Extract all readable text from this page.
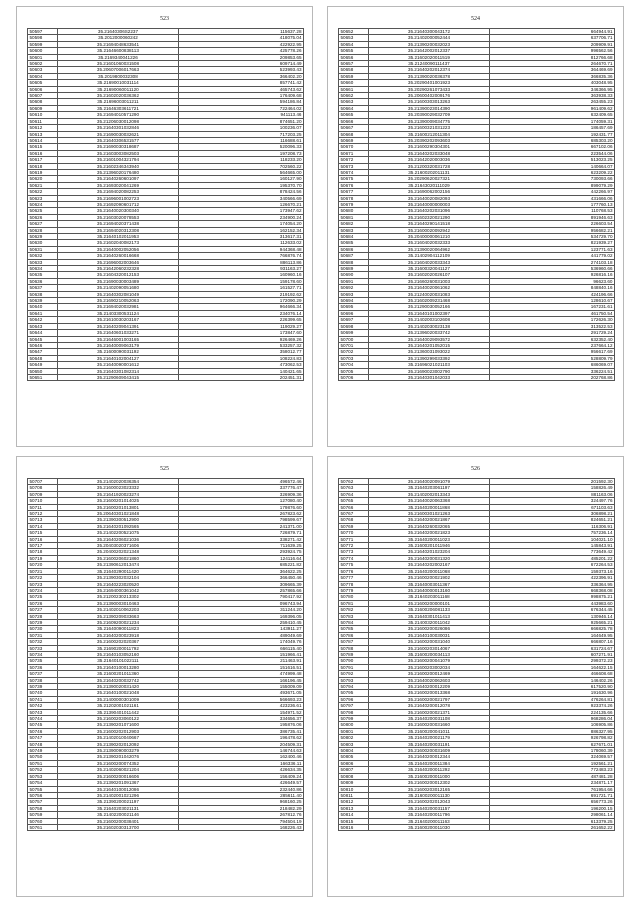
523
50597	35.21640306S2237	115637.28
50598	35.2012000060242	418075.04
50599	35.21694048633541	422922.95
50600	35.21646600838113	425778.26
50601	35.2169340041226	209853.65
50602	35.21601060031508	609714.49
50603	35.20607006017663	523993.43
50604	35.2019800032308	366402.20
50605	35.21690010031114	857741.42
50606	35.21690060011120	465743.62
50607	35.21602020036362	176409.68
50608	35.21696003011211	594186.84
50609	35.21646303611721	722464.02
50610	35.21694010571290	941113.46
50611	35.21206030012098	874651.20
50612	35.21640301032846	100236.07
50613	35.21690030032621	717203.25
50614	35.21640306531577	116688.61
50615	35.21690030318687	520096.33
50616	35.21603003082503	197208.73
50617	35.21601004321794	118233.20
50618	35.21602346343940	702560.22
50619	35.21396020176480	564665.00
50620	35.21640260601097	160127.90
50621	35.21693020041269	195370.70
50622	35.21694020082253	878424.56
50623	35.21696001002723	340566.69
50624	35.21692090601712	126670.21
50625	35.21640020300340	173947.62
50626	35.21603020078553	234900.24
50627	35.21694020371438	174054.20
50628	35.21694020312308	162152.34
50629	35.21640102011953	313617.31
50630	35.21602040082173	112633.02
50631	35.21640002052056	944368.48
50632	35.21640260016668	766876.74
50633	35.21696002003646	886113.86
50634	35.21642060232328	931163.27
50635	35.21604320012153	160960.16
50636	35.21690030003489	159178.60
50637	35.21402090051680	161527.71
50638	35.21640302081049	219192.62
50639	35.21690210052063	172090.29
50640	35.21694020032981	964666.34
50641	35.21403300531124	234076.14
50642	35.21610030203167	226399.65
50643	35.21640209041391	119029.27
50644	35.21640601033271	173847.60
50645	35.21646001003165	926469.26
50646	35.21640009063179	533257.32
50647	35.21600090031192	358012.77
50648	35.21640102004127	108224.83
50649	35.21640090001612	473062.53
50650	35.21640301082314	140421.65
50651	35.21290609043415	202451.31
524
50652	35.21640300043172	664944.91
50653	35.21402000052444	637706.71
50654	35.21390200032023	209909.91
50655	35.21642002012337	996562.56
50656	35.21602020011519	812766.68
50657	35.21240090111437	264670.71
50658	35.21640202012374	364469.69
50659	35.21390020036378	366835.36
50660	35.20290401001923	403048.95
50661	35.20290261073433	346366.95
50662	35.20600402009176	363938.33
50663	35.21600303013263	263455.23
50664	35.21390023014390	961409.62
50665	35.20390029032709	632409.65
50666	35.21390009034775	174059.31
50667	35.21600321031223	186457.69
50668	35.21600212011304	192431.77
50669	35.20390202093603	685303.20
50670	35.21600290304301	667102.06
50671	35.21640202033048	223544.06
50672	35.21642020003036	513023.25
50673	35.21200320031728	140664.07
50674	35.21600202011131	623209.22
50675	35.20290620027321	730093.66
50676	35.21643020111029	899079.29
50677	35.21690062002156	442266.97
50678	35.21640020082093	431666.06
50679	35.21640000000003	177760.13
50680	35.21640202031096	110768.53
50681	35.21602320021290	891946.63
50682	35.21640290141518	226603.54
50683	35.21600020092942	956682.21
50684	35.20400000061210	534729.70
50685	35.21604020032333	821939.27
50686	35.21390020064962	123771.63
50687	35.21402904112109	441779.02
50688	35.21604020033343	274103.18
50689	35.21600320041127	536960.66
50690	35.21602020026107	926816.16
50691	35.21660260031003	96623.60
50692	35.21640020061062	848840.16
50693	35.21240020031083	424196.66
50694	35.21602009231468	128610.67
50695	35.21290030052166	167231.61
50696	35.21640101002397	461750.54
50697	35.21402003102608	172626.30
50698	35.21402030023138	313522.53
50699	35.21396020033742	291729.24
50700	35.21640029093572	632352.40
50701	35.21640201052015	237664.12
50702	35.21360031093022	956617.69
50703	35.21390299033392	528809.79
50704	35.21696021021103	686069.07
50705	35.21690023002790	336224.51
50706	35.21640301042033	202768.86
525
50707	35.21402020036354	496572.46
50708	35.21600023023332	337776.47
50709	35.21641920023274	326909.36
50710	35.21600201014025	127080.40
50711	35.21600201013801	179876.60
50712	35.20640301021848	267823.62
50713	35.21390300512900	798599.67
50714	35.21640201092565	241371.00
50715	35.21402200521075	726879.71
50716	35.21640206021036	338271.42
50717	35.20403020371606	711639.25
50718	35.20400202021348	293924.75
50719	35.21600206021860	124116.64
50720	35.21390612013474	685221.82
50721	35.21640290011420	364622.25
50722	35.21390302032104	366450.46
50723	35.21640223020520	309665.39
50724	35.21694000361042	257865.66
50725	35.21200230213302	790417.92
50726	35.21390003010463	096743.94
50727	35.21402010062203	311244.20
50728	35.21390209033663	169396.05
50729	35.21609200021234	259410.45
50730	35.21640090011823	143911.27
50731	35.21640200023918	489049.69
50732	35.21600202020367	174049.76
50733	35.21690200011792	666115.40
50734	35.21640103052160	151966.41
50735	35.21640101022111	211463.91
50736	35.21640100013280	151616.51
50737	35.21600201011360	474999.48
50738	35.21640200032742	166196.45
50739	35.21390020031420	155009.09
50740	35.21640100021048	493671.05
50741	35.21400000301009	566693.23
50742	35.21202001021161	423236.61
50743	35.21390401011442	154971.52
50744	35.21600203060122	334656.37
50745	35.21390201071600	195876.06
50746	35.21600202012903	386735.41
50747	35.21402010040667	196478.62
50748	35.21390202012092	204509.31
50749	35.21390090003279	146744.63
50750	35.21390201042076	162400.46
50751	35.21600200074352	166336.11
50752	35.21402060021204	426634.35
50753	35.21600200016606	156409.24
50754	35.21390201091367	426649.57
50755	35.21640100012086	232440.86
50756	35.21402001021296	285611.40
50757	35.21390200021197	968160.25
50758	35.21640203021131	218482.29
50759	35.21402200021146	267812.76
50760	35.21600200038401	794504.19
50761	35.21602030313700	168226.43
526
50762	35.21640020091079	201592.30
50763	35.21640203061197	158826.49
50764	35.21402002013343	881163.06
50765	35.21640020063368	324497.76
50766	35.21640200011868	671103.63
50767	35.21600301021263	306898.21
50768	35.21640200021867	824651.21
50769	35.21640260032065	116306.91
50770	35.21640200021823	757236.14
50771	35.21640200011023	104021.10
50772	35.21600201011946	145843.91
50773	35.21640201023204	773649.42
50774	35.21640200031320	485201.22
50775	35.21640202002167	672264.53
50776	35.21640200011068	159373.16
50777	35.21600200021902	422396.91
50778	35.21640003011367	336364.95
50779	35.21640000013160	668368.08
50780	35.21640203011168	998875.21
50781	35.21600200000101	443983.60
50782	35.21600206081133	676344.45
50783	35.21640301011413	130946.14
50784	35.21400320011042	925665.21
50785	35.21600200026086	666825.78
50786	35.21640100030031	164649.95
50787	35.21600200031040	666807.16
50788	35.21600203014067	631724.67
50789	35.21600200034113	607271.91
50790	35.21600200041079	299372.23
50791	35.21600203002034	164622.15
50792	35.21600200012469	466608.68
50793	35.21640020062603	146402.26
50794	35.21640200012209	617520.90
50795	35.21600200013368	191630.96
50796	35.21600200021797	476264.81
50797	35.21640200012078	923374.26
50798	35.21600200021371	224135.66
50799	35.21640200031108	968286.04
50800	35.21600200031660	106905.86
50801	35.21600200041011	886327.95
50802	35.21640200021179	926798.82
50803	35.21640200031191	627671.01
50804	35.21600200031609	178060.39
50805	35.21640200012344	324069.57
50806	35.21640200011384	192561.21
50807	35.21640200011292	772483.23
50808	35.21600200011000	487481.28
50809	35.21600200012302	234871.17
50810	35.21600203012165	761954.66
50811	35.21600200011130	691721.71
50812	35.21600202012043	656773.26
50813	35.21640200031157	196200.15
50814	35.21640200011796	298061.14
50815	35.21640200011163	613379.25
50816	35.21600200011030	261652.22
